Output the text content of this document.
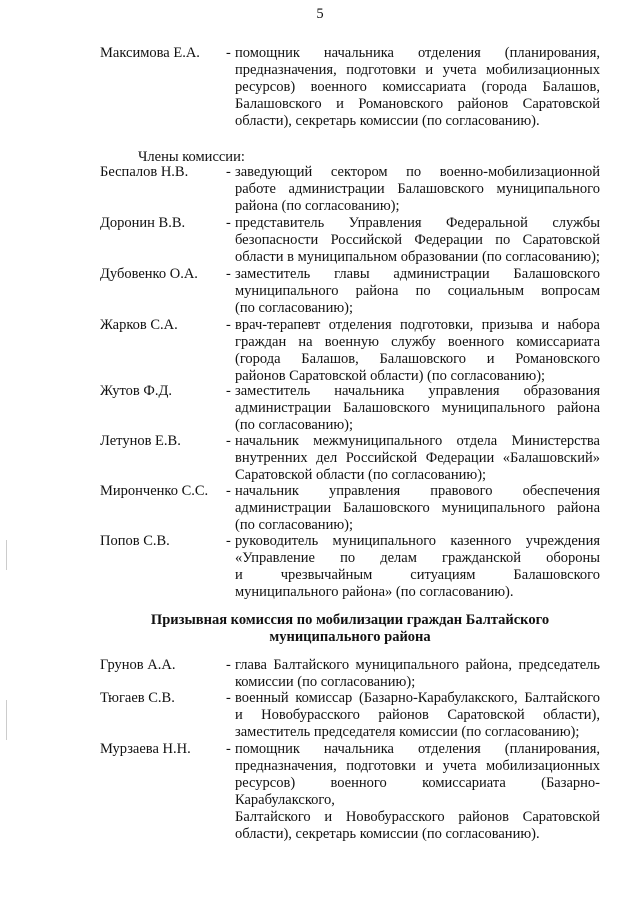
5
Максимова Е.А. - помощник начальника отделения (планирования,
предназначения, подготовки и учета мобилизационных
ресурсов) военного комиссариата (города Балашов,
Балашовского и Романовского районов Саратовской
области), секретарь комиссии (по согласованию).
Члены комиссии:
Беспалов Н.В.	- заведующий сектором по военно-мобилизационной
работе администрации Балашовского муниципального
района (по согласованию);
Доронин В.В.	- представитель Управления Федеральной службы
безопасности Российской Федерации по Саратовской
области в муниципальном образовании (по согласованию);
Дубовенко О.А. - заместитель главы администрации Балашовского
муниципального района по социальным вопросам
(по согласованию);
Жарков С.А.	- врач-терапевт отделения подготовки, призыва и набора
граждан на военную службу военного комиссариата
(города Балашов, Балашовского и Романовского
районов Саратовской области) (по согласованию);
Жутов Ф.Д.	- заместитель начальника управления образования
администрации Балашовского муниципального района
(по согласованию);
Летунов Е.В.	- начальник межмуниципального отдела Министерства
внутренних дел Российской Федерации «Балашовский»
Саратовской области (по согласованию);
Миронченко С.С. - начальник управления правового обеспечения
администрации Балашовского муниципального района
(по согласованию);
Попов С.В.	- руководитель муниципального казенного учреждения
«Управление по делам гражданской обороны
и чрезвычайным ситуациям Балашовского
муниципального района» (по согласованию).
Призывная комиссия по мобилизации граждан Балтайского
муниципального района
Грунов А.А.	- глава Балтайского муниципального района, председатель
комиссии (по согласованию);
Тюгаев С.В.	- военный комиссар (Базарно-Карабулакского, Балтайского
и Новобурасского районов Саратовской области),
заместитель председателя комиссии (по согласованию);
Мурзаева Н.Н. - помощник начальника отделения (планирования,
предназначения, подготовки и учета мобилизационных
ресурсов) военного комиссариата (Базарно-Карабулакского,
Балтайского и Новобурасского районов Саратовской
области), секретарь комиссии (по согласованию).
